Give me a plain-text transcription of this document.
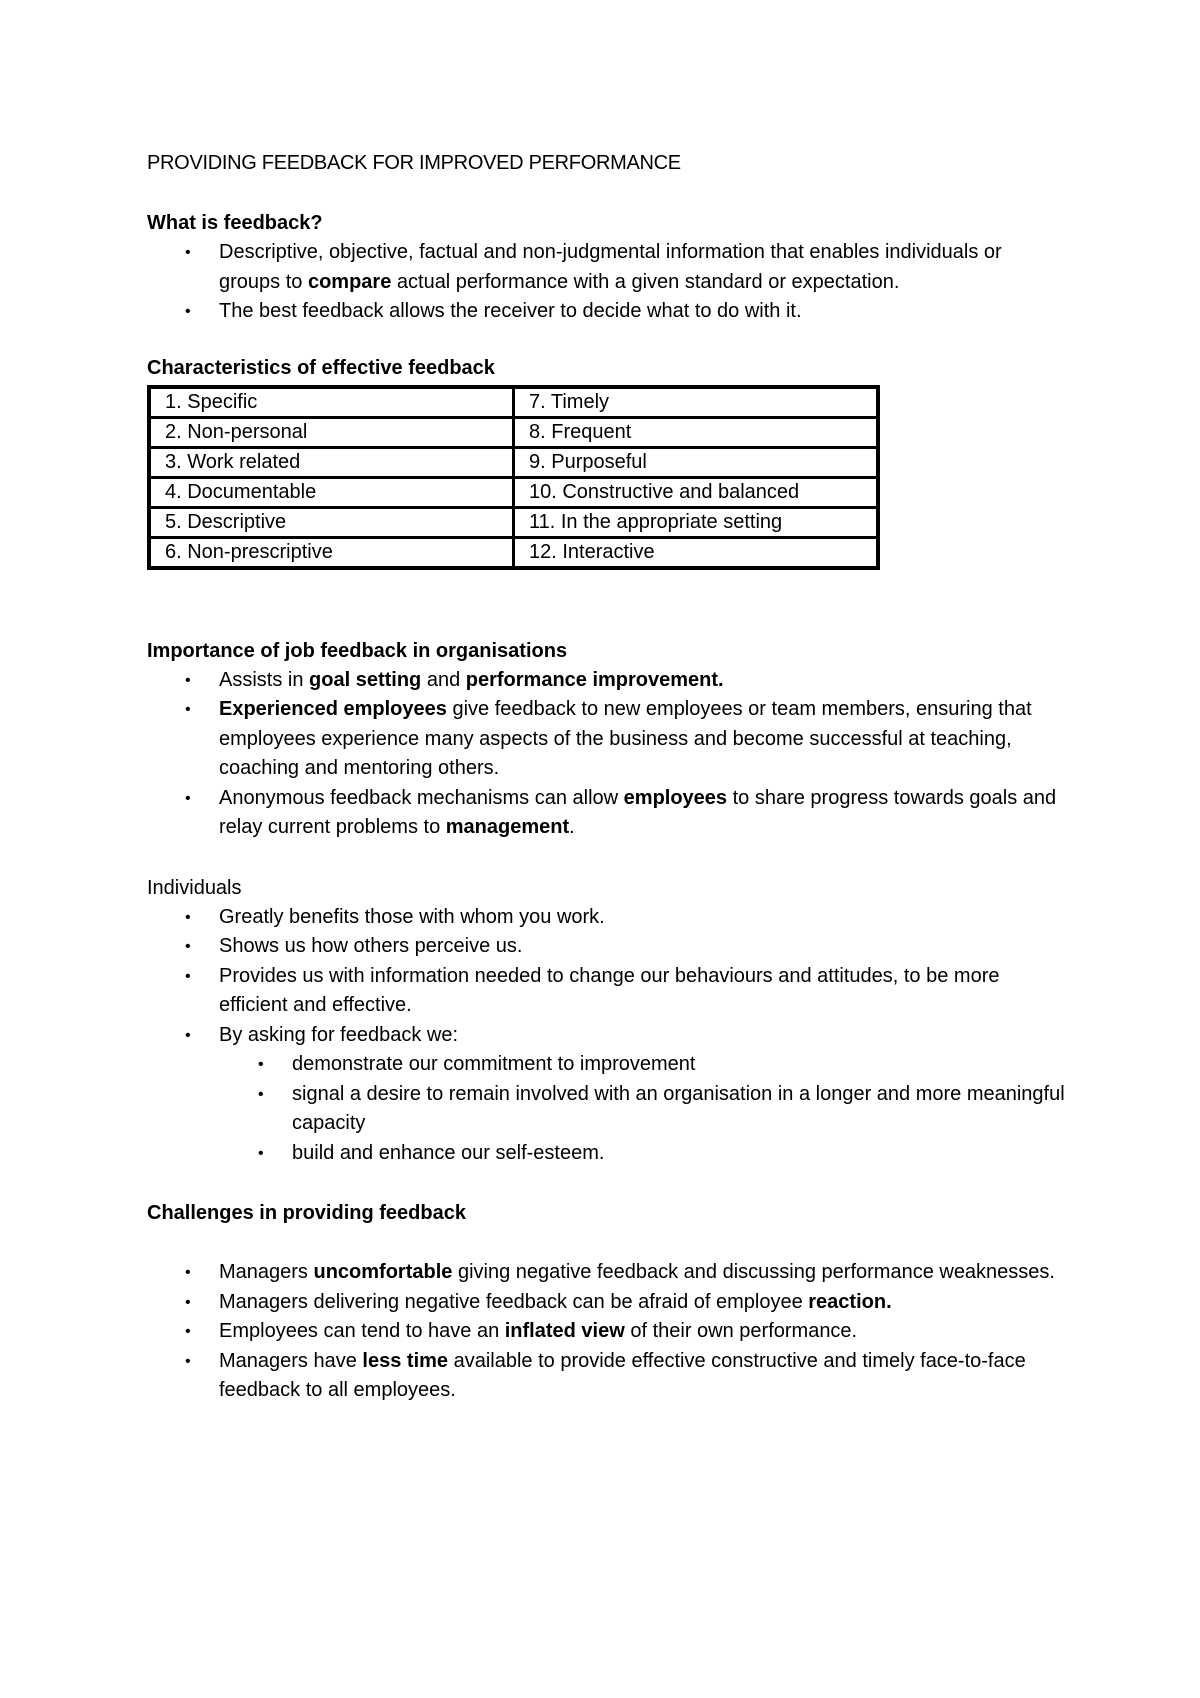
PROVIDING FEEDBACK FOR IMPROVED PERFORMANCE
What is feedback?
• Descriptive, objective, factual and non-judgmental information that enables individuals or groups to compare actual performance with a given standard or expectation.
• The best feedback allows the receiver to decide what to do with it.
Characteristics of effective feedback
1. Specific	7. Timely
2. Non-personal	8. Frequent
3. Work related	9. Purposeful
4. Documentable	10. Constructive and balanced
5. Descriptive	11. In the appropriate setting
6. Non-prescriptive	12. Interactive
Importance of job feedback in organisations
• Assists in goal setting and performance improvement.
• Experienced employees give feedback to new employees or team members, ensuring that employees experience many aspects of the business and become successful at teaching, coaching and mentoring others.
• Anonymous feedback mechanisms can allow employees to share progress towards goals and relay current problems to management.
Individuals
• Greatly benefits those with whom you work.
• Shows us how others perceive us.
• Provides us with information needed to change our behaviours and attitudes, to be more efficient and effective.
• By asking for feedback we:
• demonstrate our commitment to improvement
• signal a desire to remain involved with an organisation in a longer and more meaningful capacity
• build and enhance our self-esteem.
Challenges in providing feedback
• Managers uncomfortable giving negative feedback and discussing performance weaknesses.
• Managers delivering negative feedback can be afraid of employee reaction.
• Employees can tend to have an inflated view of their own performance.
• Managers have less time available to provide effective constructive and timely face-to-face feedback to all employees.
